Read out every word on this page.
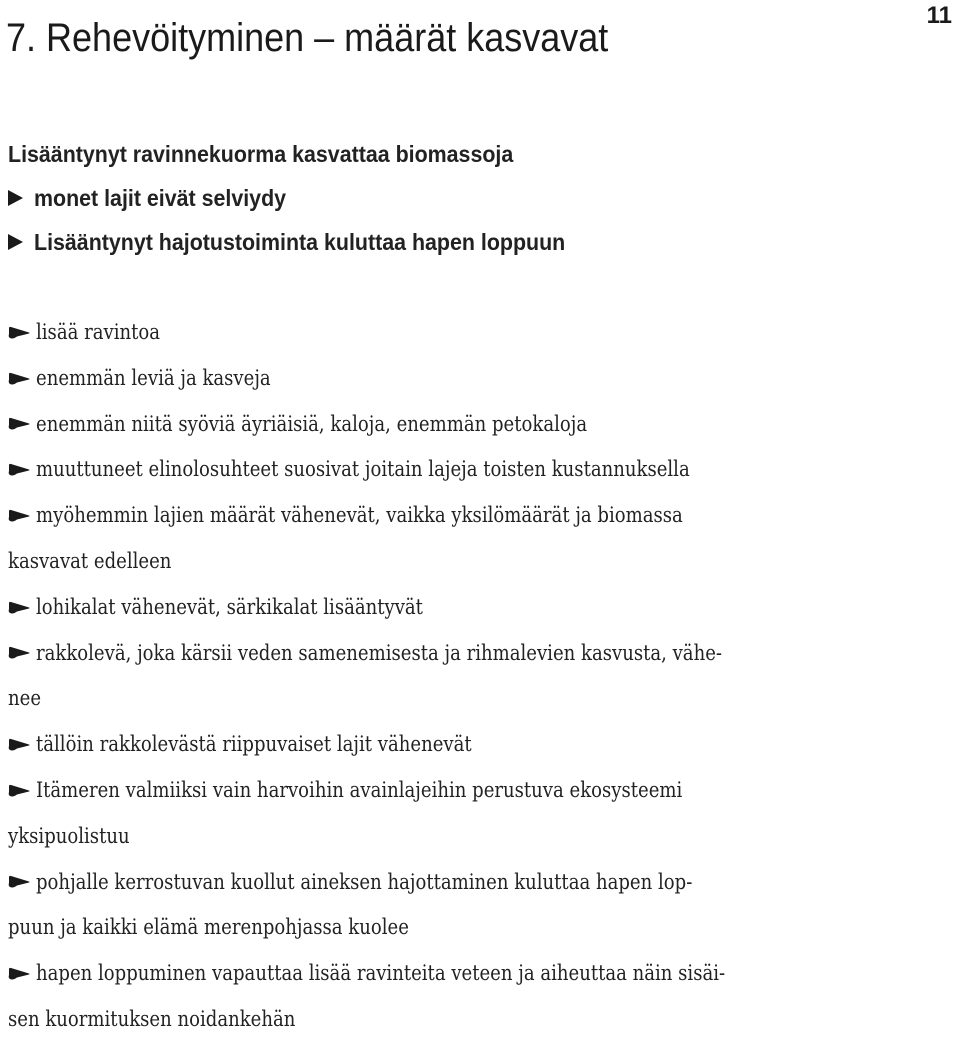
7. Rehevöityminen – määrät kasvavat
11
Lisääntynyt ravinnekuorma kasvattaa biomassoja
monet lajit eivät selviydy
Lisääntynyt hajotustoiminta kuluttaa hapen loppuun
lisää ravintoa
enemmän leviä ja kasveja
enemmän niitä syöviä äyriäisiä, kaloja, enemmän petokaloja
muuttuneet elinolosuhteet suosivat joitain lajeja toisten kustannuksella
myöhemmin lajien määrät vähenevät, vaikka yksilömäärät ja biomassa
kasvavat edelleen
lohikalat vähenevät, särkikalat lisääntyvät
rakkolevä, joka kärsii veden samenemisesta ja rihmalevien kasvusta, vähe-
nee
tällöin rakkolevästä riippuvaiset lajit vähenevät
Itämeren valmiiksi vain harvoihin avainlajeihin perustuva ekosysteemi
yksipuolistuu
pohjalle kerrostuvan kuollut aineksen hajottaminen kuluttaa hapen lop-
puun ja kaikki elämä merenpohjassa kuolee
hapen loppuminen vapauttaa lisää ravinteita veteen ja aiheuttaa näin sisäi-
sen kuormituksen noidankehän
